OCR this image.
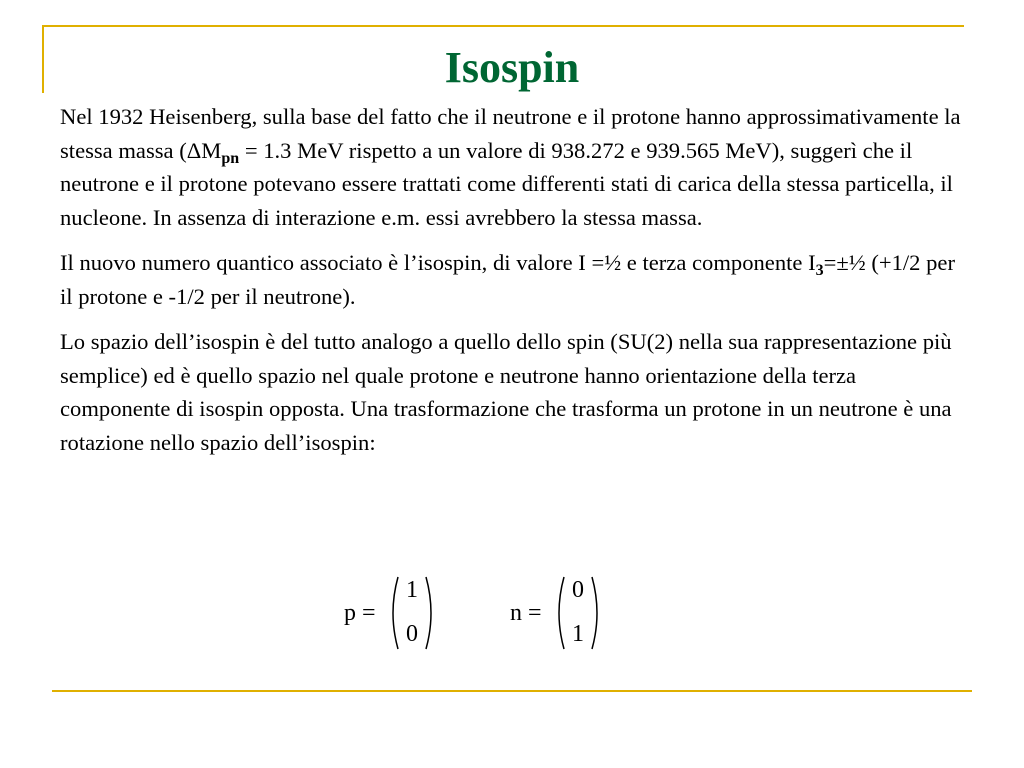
Isospin

Nel 1932 Heisenberg, sulla base del fatto che il neutrone e il protone hanno approssimativamente la stessa massa ($\Delta M_{pn} = 1.3$ MeV rispetto a un valore di 938.272 e 939.565 MeV), suggerì che il neutrone e il protone potevano essere trattati come differenti stati di carica della stessa particella, il nucleone. In assenza di interazione e.m. essi avrebbero la stessa massa.

Il nuovo numero quantico associato è l’isospin, di valore I =½ e terza componente $I_3=\pm\frac{1}{2}$ (+1/2 per il protone e -1/2 per il neutrone).

Lo spazio dell’isospin è del tutto analogo a quello dello spin (SU(2) nella sua rappresentazione più semplice) ed è quello spazio nel quale protone e neutrone hanno orientazione della terza componente di isospin opposta. Una trasformazione che trasforma un protone in un neutrone è una rotazione nello spazio dell’isospin:

p =
1
0
n =
0
1
